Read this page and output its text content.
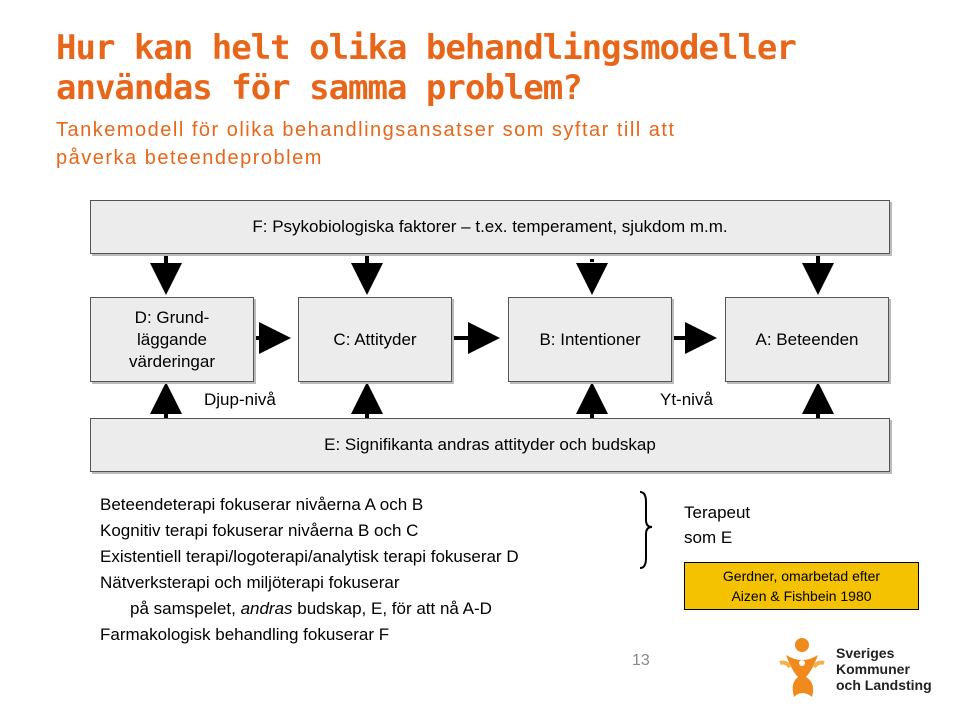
Hur kan helt olika behandlingsmodeller
användas för samma problem?
Tankemodell för olika behandlingsansatser som syftar till att
påverka beteendeproblem
F: Psykobiologiska faktorer – t.ex. temperament, sjukdom m.m.
D: Grund-
läggande
värderingar
C: Attityder	B: Intentioner	A: Beteenden
Djup-nivå	Yt-nivå
E: Signifikanta andras attityder och budskap
Beteendeterapi fokuserar nivåerna A och B
Kognitiv terapi fokuserar nivåerna B och C
Existentiell terapi/logoterapi/analytisk terapi fokuserar D
Nätverksterapi och miljöterapi fokuserar
på samspelet, andras budskap, E, för att nå A-D
Farmakologisk behandling fokuserar F
Terapeut
som E
Gerdner, omarbetad efter
Aizen & Fishbein 1980
13	Sveriges
Kommuner
och Landsting
